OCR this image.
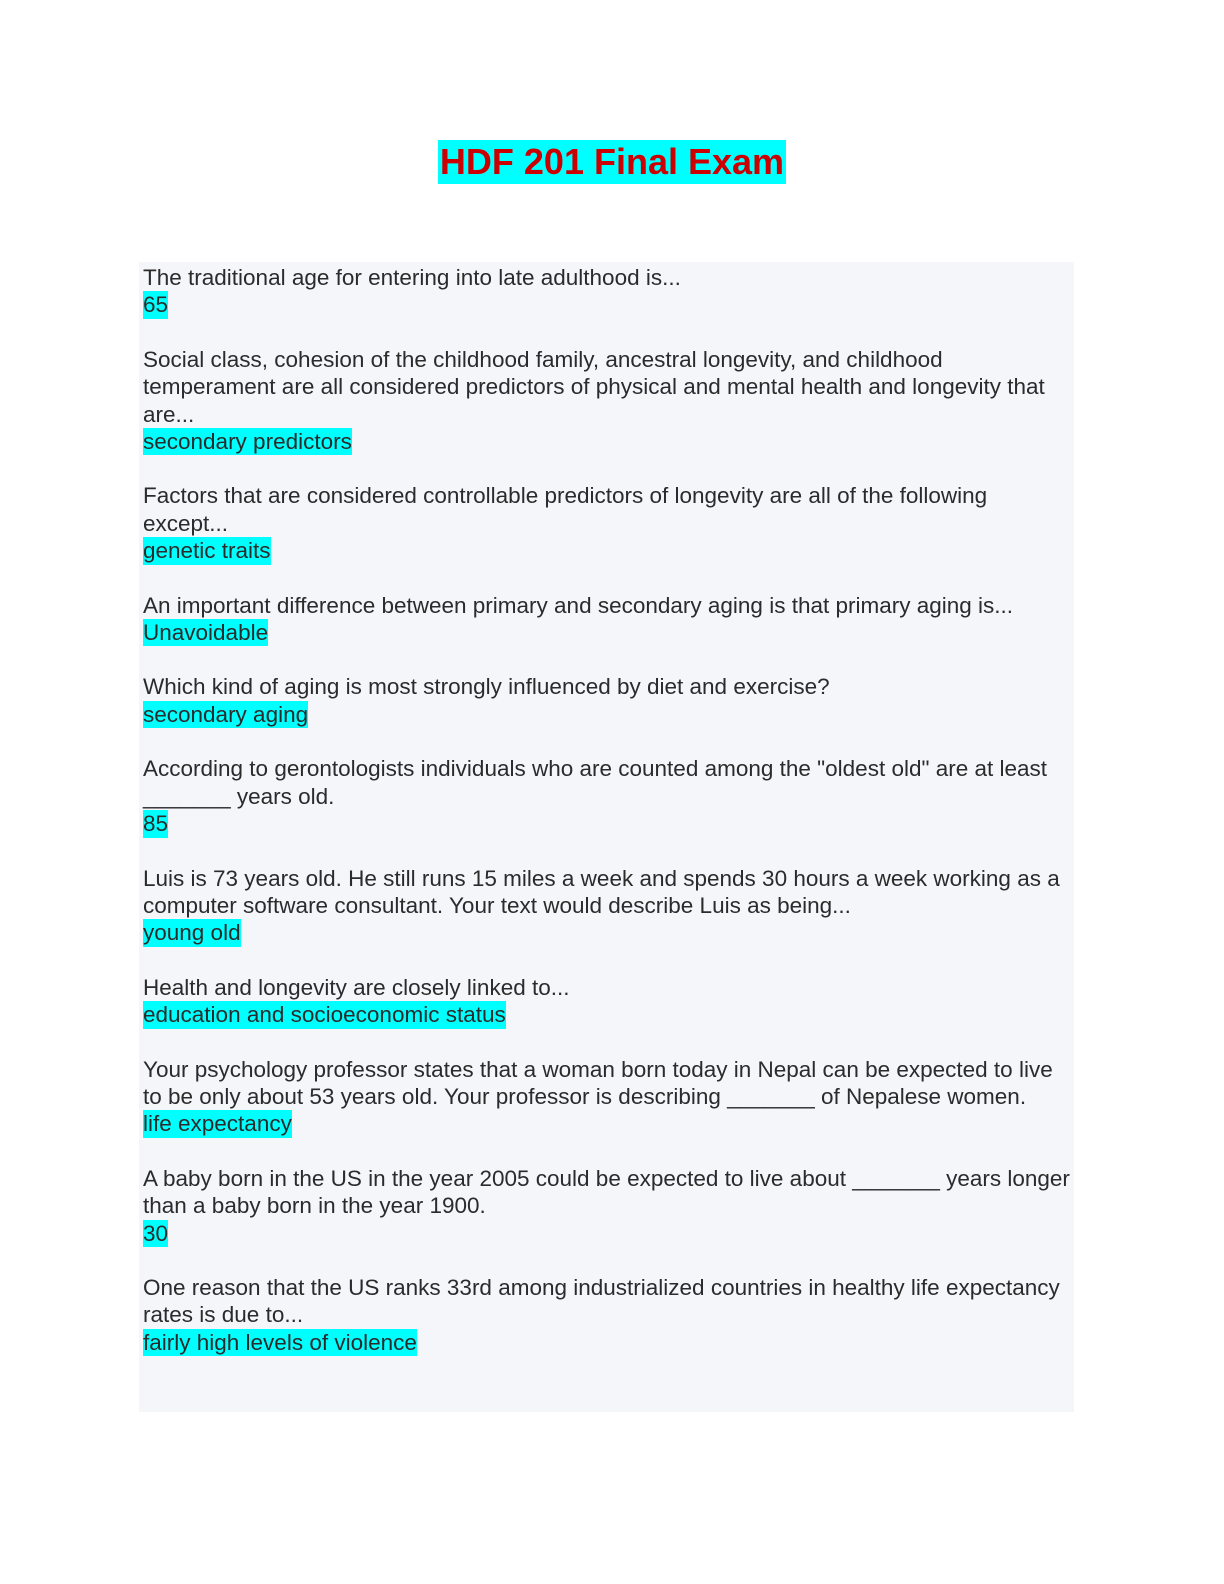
HDF 201 Final Exam

The traditional age for entering into late adulthood is...

65

Social class, cohesion of the childhood family, ancestral longevity, and childhood temperament are all considered predictors of physical and mental health and longevity that are...

secondary predictors

Factors that are considered controllable predictors of longevity are all of the following except...

genetic traits

An important difference between primary and secondary aging is that primary aging is...

Unavoidable

Which kind of aging is most strongly influenced by diet and exercise?

secondary aging

According to gerontologists individuals who are counted among the "oldest old" are at least _______ years old.

85

Luis is 73 years old. He still runs 15 miles a week and spends 30 hours a week working as a computer software consultant. Your text would describe Luis as being...

young old

Health and longevity are closely linked to...

education and socioeconomic status

Your psychology professor states that a woman born today in Nepal can be expected to live to be only about 53 years old. Your professor is describing _______ of Nepalese women.

life expectancy

A baby born in the US in the year 2005 could be expected to live about _______ years longer than a baby born in the year 1900.

30

One reason that the US ranks 33rd among industrialized countries in healthy life expectancy rates is due to...

fairly high levels of violence
